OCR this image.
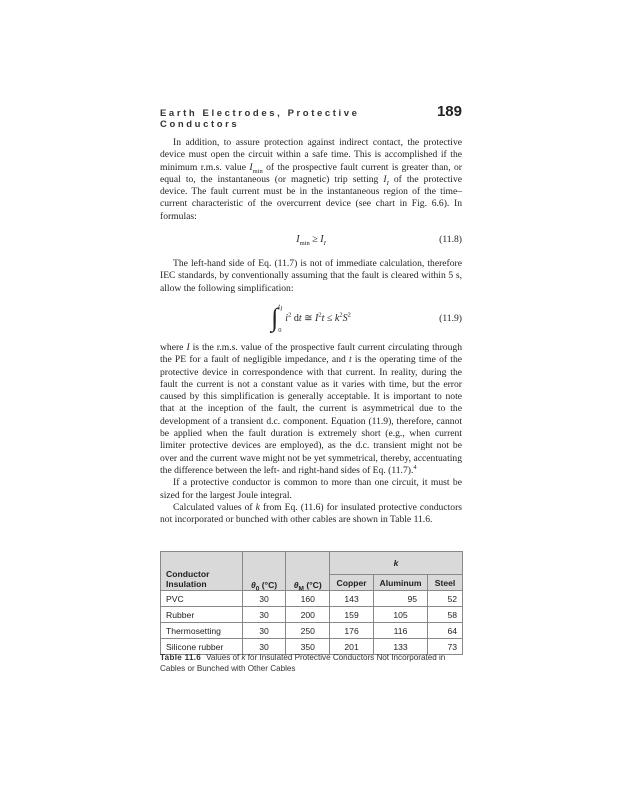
Earth Electrodes, Protective Conductors
189

In addition, to assure protection against indirect contact, the protective device must open the circuit within a safe time. This is accomplished if the minimum r.m.s. value $I_{min}$ of the prospective fault current is greater than, or equal to, the instantaneous (or magnetic) trip setting $I_I$ of the protective device. The fault current must be in the instantaneous region of the time–current characteristic of the overcurrent device (see chart in Fig. 6.6). In formulas:

$I_{min} \ge I_I$	(11.8)

The left-hand side of Eq. (11.7) is not of immediate calculation, therefore IEC standards, by conventionally assuming that the fault is cleared within 5 s, allow the following simplification:

∫ $t_I$
0
$i^2$ dt ≅ $I^2t \le k^2S^2$	(11.9)

where I is the r.m.s. value of the prospective fault current circulating through the PE for a fault of negligible impedance, and t is the operating time of the protective device in correspondence with that current. In reality, during the fault the current is not a constant value as it varies with time, but the error caused by this simplification is generally acceptable. It is important to note that at the inception of the fault, the current is asymmetrical due to the development of a transient d.c. component. Equation (11.9), therefore, cannot be applied when the fault duration is extremely short (e.g., when current limiter protective devices are employed), as the d.c. transient might not be over and the current wave might not be yet symmetrical, thereby, accentuating the difference between the left- and right-hand sides of Eq. (11.7).$^4$

If a protective conductor is common to more than one circuit, it must be sized for the largest Joule integral.

Calculated values of k from Eq. (11.6) for insulated protective conductors not incorporated or bunched with other cables are shown in Table 11.6.

Conductor
Insulation	$\theta_0$ (°C)	$\theta_M$ (°C)	k		
			Copper	Aluminum	Steel
PVC	30	160	143	95	52
Rubber	30	200	159	105	58
Thermosetting	30	250	176	116	64
Silicone rubber	30	350	201	133	73
Table 11.6 Values of k for Insulated Protective Conductors Not Incorporated in Cables or Bunched with Other Cables
